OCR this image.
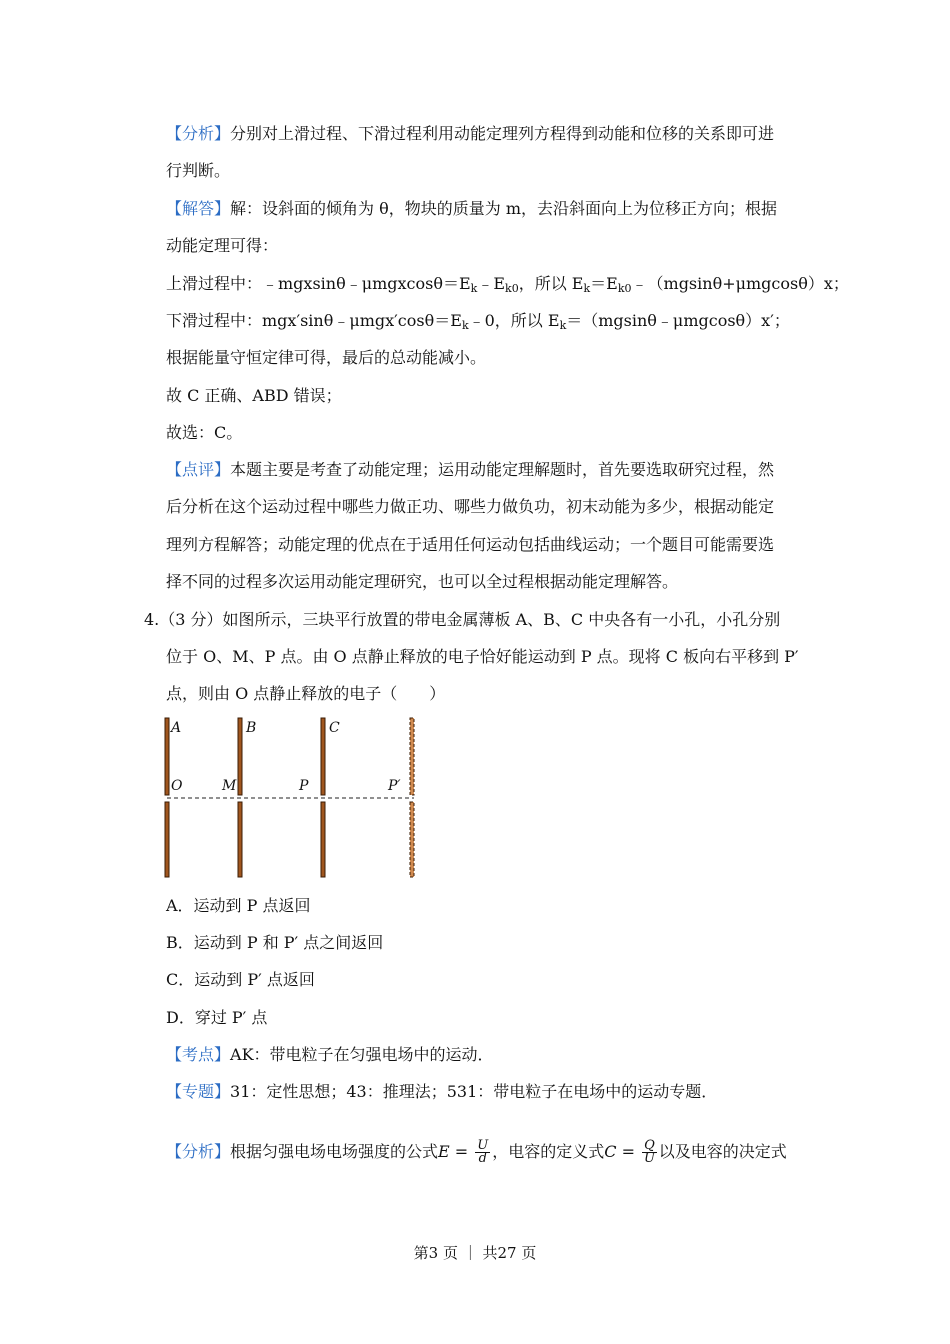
【分析】分别对上滑过程、下滑过程利用动能定理列方程得到动能和位移的关系即可进
行判断。
【解答】解：设斜面的倾角为 θ，物块的质量为 m，去沿斜面向上为位移正方向；根据
动能定理可得：
上滑过程中：$﹣mgxsin\theta﹣\mu mgxcos\theta=E_k﹣E_{k0}$，所以 $E_k=E_{k0}﹣(mgsin\theta+\mu mgcos\theta)x$；
下滑过程中：$mgx'\sin\theta﹣\mu mgx'\cos\theta=E_k﹣0$，所以 $E_k=(mgsin\theta﹣\mu mgcos\theta)x'$；
根据能量守恒定律可得，最后的总动能减小。
故 C 正确、ABD 错误；
故选：C。
【点评】本题主要是考查了动能定理；运用动能定理解题时，首先要选取研究过程，然
后分析在这个运动过程中哪些力做正功、哪些力做负功，初末动能为多少，根据动能定
理列方程解答；动能定理的优点在于适用任何运动包括曲线运动；一个题目可能需要选
择不同的过程多次运用动能定理研究，也可以全过程根据动能定理解答。
4.（3 分）如图所示，三块平行放置的带电金属薄板 A、B、C 中央各有一小孔，小孔分别
位于 O、M、P 点。由 O 点静止释放的电子恰好能运动到 P 点。现将 C 板向右平移到 P′
点，则由 O 点静止释放的电子（　　）
A	B	C
O	M	P	P′
A．运动到 P 点返回
B．运动到 P 和 P′ 点之间返回
C．运动到 P′ 点返回
D．穿过 P′ 点
【考点】AK：带电粒子在匀强电场中的运动．
【专题】31：定性思想；43：推理法；531：带电粒子在电场中的运动专题．
【分析】根据匀强电场电场强度的公式$E = \frac{U}{d}$ ，电容的定义式$C = \frac{Q}{U}$ 以及电容的决定式
第3 页 ｜ 共27 页
